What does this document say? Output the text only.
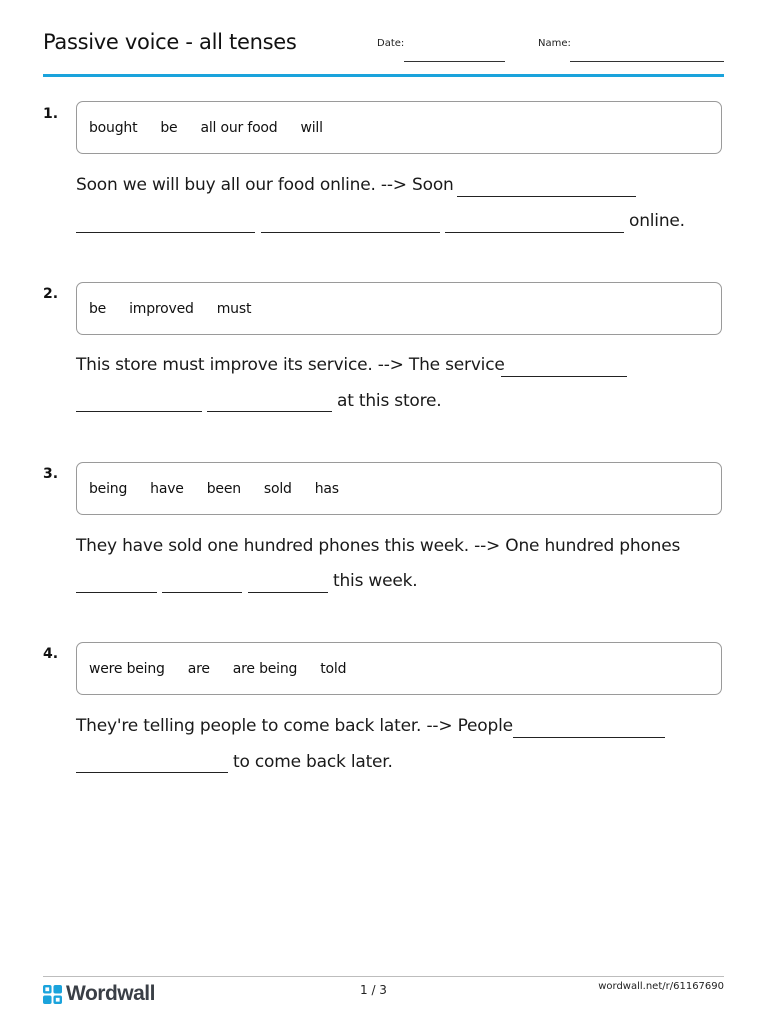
Passive voice - all tenses	Date:	Name:
1.
bought be all our food will
Soon we will buy all our food online. --> Soon
online.
2.
be improved must
This store must improve its service. --> The service
at this store.
3.
being have been sold has
They have sold one hundred phones this week. --> One hundred phones
this week.
4.
were being are are being told
They're telling people to come back later. --> People
to come back later.
Wordwall	1 / 3	wordwall.net/r/61167690
